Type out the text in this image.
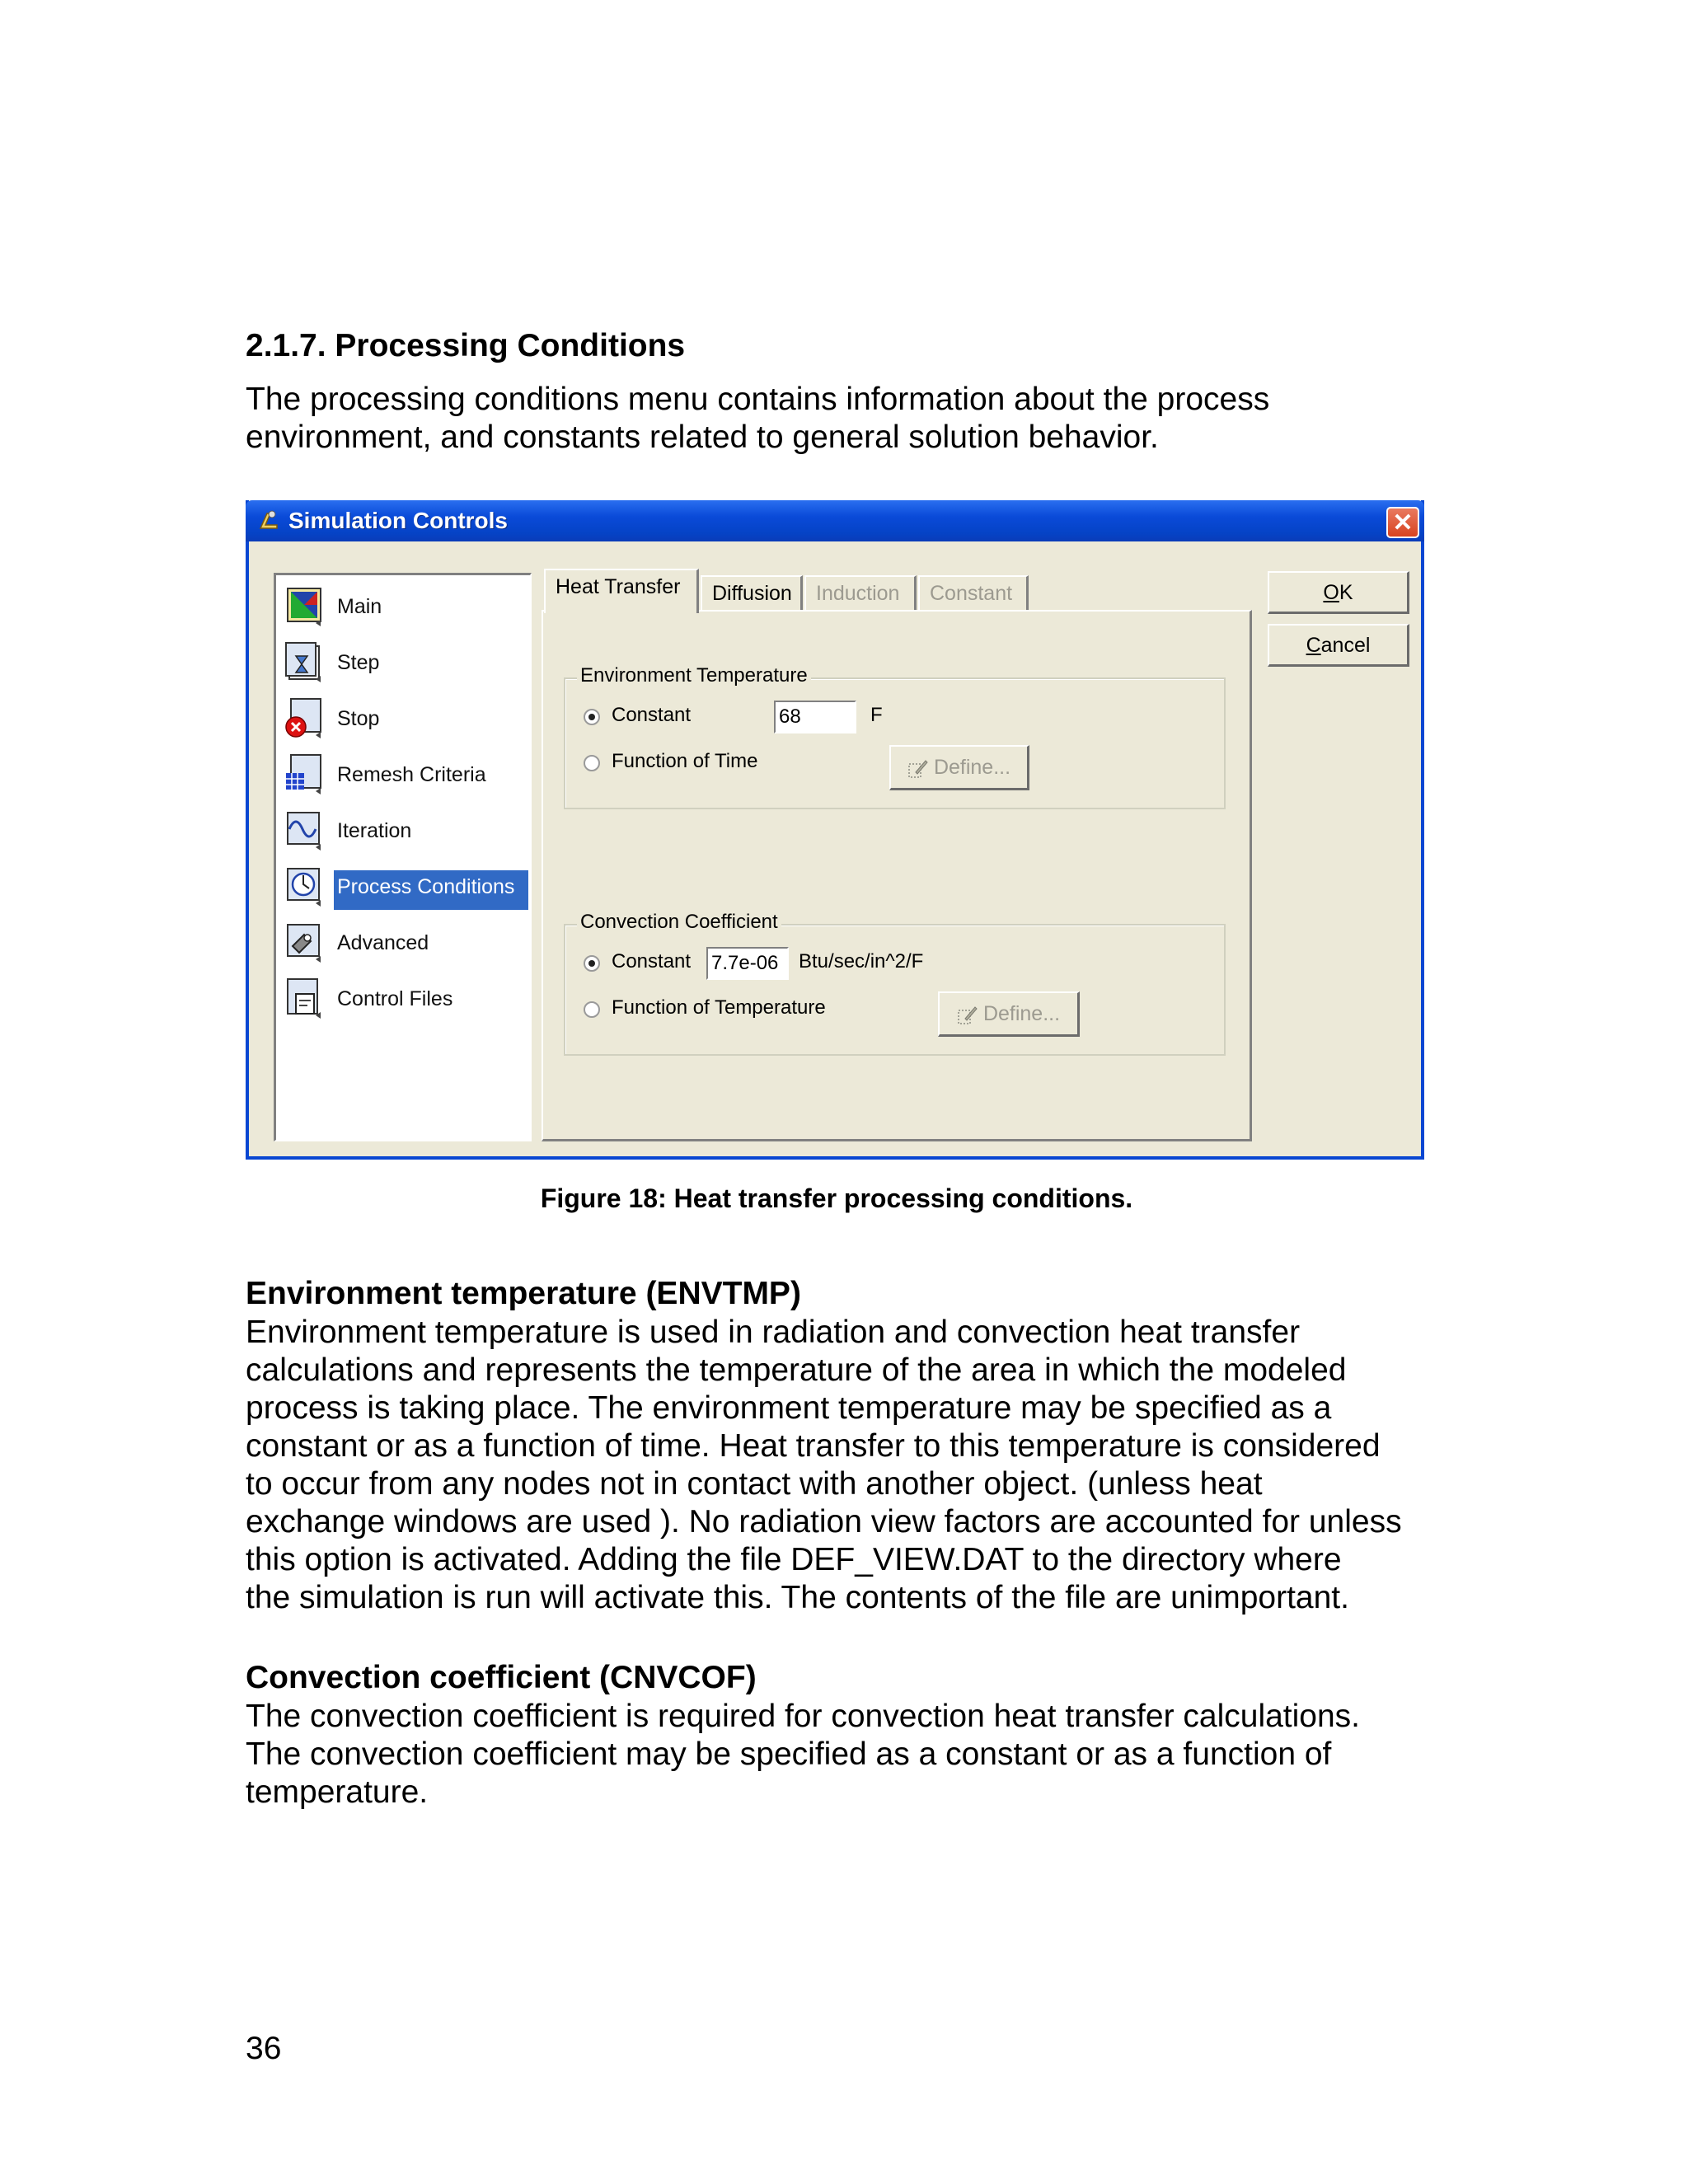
2.1.7. Processing Conditions
The processing conditions menu contains information about the process
environment, and constants related to general solution behavior.
Simulation Controls	✕
Main
Step
Stop
Remesh Criteria
Iteration
Process Conditions
Advanced
Control Files
Heat Transfer	Diffusion	Induction	Constant
Environment Temperature
Constant	68	F
Function of Time	Define...
Convection Coefficient
Constant 7.7e-06	Btu/sec/in^2/F
Function of Temperature	Define...
OK
Cancel
Figure 18: Heat transfer processing conditions.
Environment temperature (ENVTMP)
Environment temperature is used in radiation and convection heat transfer
calculations and represents the temperature of the area in which the modeled
process is taking place. The environment temperature may be specified as a
constant or as a function of time. Heat transfer to this temperature is considered
to occur from any nodes not in contact with another object. (unless heat
exchange windows are used ). No radiation view factors are accounted for unless
this option is activated. Adding the file DEF_VIEW.DAT to the directory where
the simulation is run will activate this. The contents of the file are unimportant.
Convection coefficient (CNVCOF)
The convection coefficient is required for convection heat transfer calculations.
The convection coefficient may be specified as a constant or as a function of
temperature.
36
